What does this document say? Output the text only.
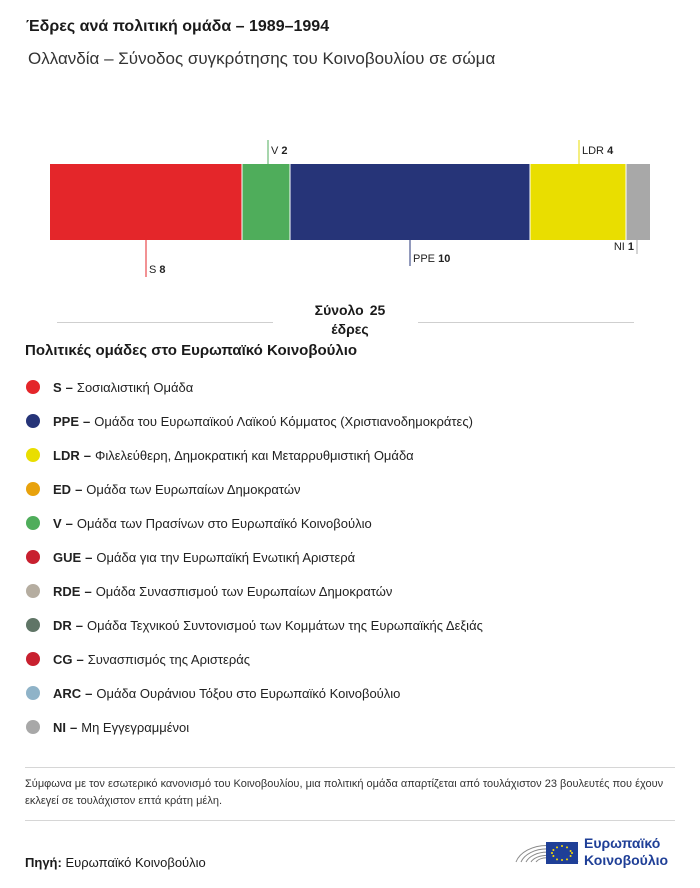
Έδρες ανά πολιτική ομάδα – 1989–1994
Ολλανδία – Σύνοδος συγκρότησης του Κοινοβουλίου σε σώμα
S 8
V 2
PPE 10
LDR 4
NI 1
Σύνολο 25
έδρες
Πολιτικές ομάδες στο Ευρωπαϊκό Κοινοβούλιο
S – Σοσιαλιστική Ομάδα
PPE – Ομάδα του Ευρωπαϊκού Λαϊκού Κόμματος (Χριστιανοδημοκράτες)
LDR – Φιλελεύθερη, Δημοκρατική και Μεταρρυθμιστική Ομάδα
ED – Ομάδα των Ευρωπαίων Δημοκρατών
V – Ομάδα των Πρασίνων στο Ευρωπαϊκό Κοινοβούλιο
GUE – Ομάδα για την Ευρωπαϊκή Ενωτική Αριστερά
RDE – Ομάδα Συνασπισμού των Ευρωπαίων Δημοκρατών
DR – Ομάδα Τεχνικού Συντονισμού των Κομμάτων της Ευρωπαϊκής Δεξιάς
CG – Συνασπισμός της Αριστεράς
ARC – Ομάδα Ουράνιου Τόξου στο Ευρωπαϊκό Κοινοβούλιο
NI – Μη Εγγεγραμμένοι
Σύμφωνα με τον εσωτερικό κανονισμό του Κοινοβουλίου, μια πολιτική ομάδα απαρτίζεται από τουλάχιστον 23 βουλευτές που έχουν εκλεγεί σε τουλάχιστον επτά κράτη μέλη.
Πηγή: Ευρωπαϊκό Κοινοβούλιο
Ευρωπαϊκό
Κοινοβούλιο
